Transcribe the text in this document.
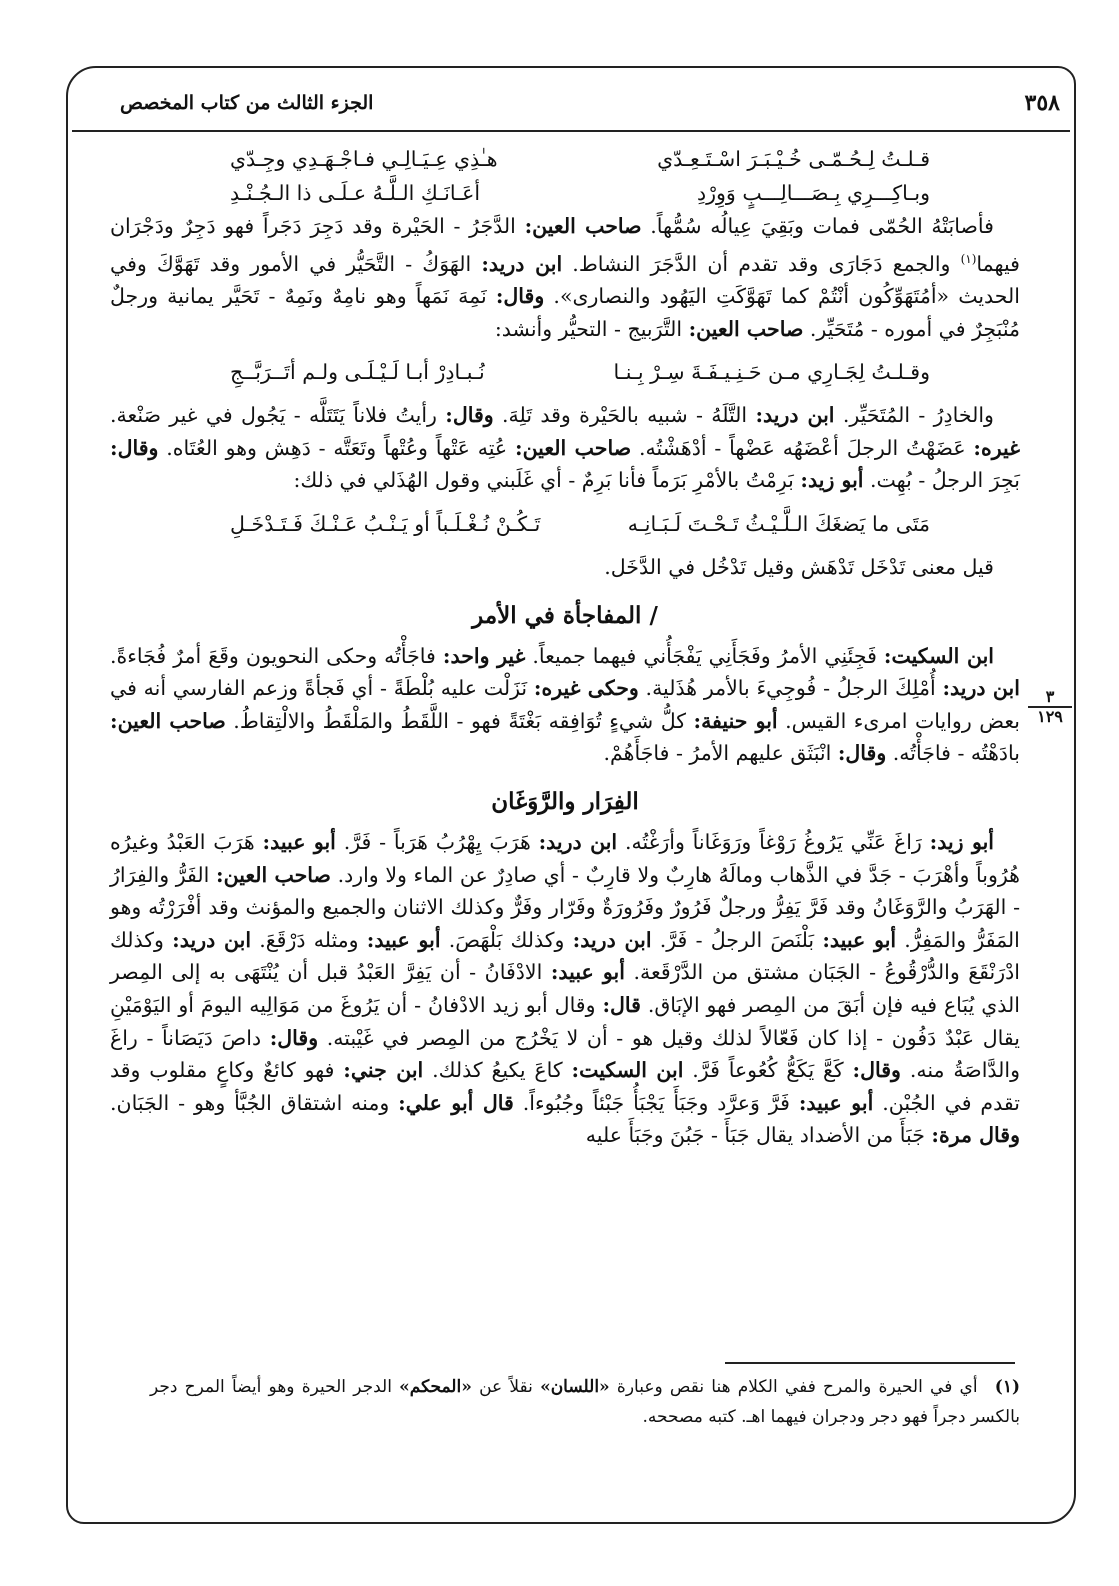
الجزء الثالث من كتاب المخصص	٣٥٨
٣
١٢٩
قـلـتُ لِـحُـمّـى خُـيْـبَـرَ اسْـتَـعِـدّي
هـٰذِي عِـيَـالِـي فـاجْـهَـدِي وجِـدّي
وبـاكِـــرِي بِـصَـــالِـــبٍ وَوِرْدِ
أعَـانَـكِ الـلَّـهُ عـلَـى ذا الـجُـنْـدِ

فأصابَتْهُ الحُمّى فمات وبَقِيَ عِيالُه سُمُّهاً. صاحب العين: الدَّجَرُ - الحَيْرة وقد دَجِرَ دَجَراً فهو دَجِرٌ ودَجْرَان فيهما$^{(١)}$ والجمع دَجَارَى وقد تقدم أن الدَّجَرَ النشاط. ابن دريد: الهَوَكُ - التَّحَيُّر في الأمور وقد تَهَوَّكَ وفي الحديث «أمُتَهَوِّكُون أنْتُمْ كما تَهَوَّكَتِ اليَهُود والنصارى». وقال: نَمِهَ نَمَهاً وهو نامِهٌ ونَمِهٌ - تَحَيَّر يمانية ورجلٌ مُنْبَجِرٌ في أموره - مُتَحَيِّر. صاحب العين: التَّرَبيج - التحيُّر وأنشد:

وقـلـتُ لِجَـارِي مـن حَـنِـيـفَـةَ سِـرْ بِـنـا
نُـبـادِرْ أبـا لَـيْـلَـى ولـم أتَــرَبَّــجِ

والخادِرُ - المُتَحَيِّر. ابن دريد: التَّلَهُ - شبيه بالحَيْرة وقد تَلِهَ. وقال: رأيتُ فلاناً يَتَتَلَّه - يَجُول في غير صَنْعة. غيره: عَضَهْتُ الرجلَ أعْضَهُه عَضْهاً - أدْهَشْتُه. صاحب العين: عُتِه عَتْهاً وعُتْهاً وتَعَتَّه - دَهِش وهو العُتَاه. وقال: بَجِرَ الرجلُ - بُهِت. أبو زيد: بَرِمْتُ بالأمْرِ بَرَماً فأنا بَرِمٌ - أي غَلَبني وقول الهُذَلي في ذلك:

مَتَى ما يَضغَكَ الـلَّـيْـثُ تَـحْـتَ لَـبَـانِـه
تَـكُـنْ نُـغْـلَـباً أو يَـنْـبُ عَـنْـكَ فَـتَـدْخَـلِ

قيل معنى تَدْخَل تَدْهَش وقيل تَدْخُل في الدَّخَل.

/ المفاجأة في الأمر

ابن السكيت: فَجِئَنِي الأمرُ وفَجَأَنِي يَفْجَأُني فيهما جميعاً. غير واحد: فاجَأْتُه وحكى النحويون وقَعَ أمرٌ فُجَاءةً. ابن دريد: أُمْلِكَ الرجلُ - فُوجِيءَ بالأمر هُذَلية. وحكى غيره: نَزَلْت عليه بُلْطَةً - أي فَجأةً وزعم الفارسي أنه في بعض روايات امرىء القيس. أبو حنيفة: كلُّ شيءٍ تُوَافِقه بَغْتَةً فهو - اللَّقَطُ والمَلْقَطُ والالْتِقاطُ. صاحب العين: بادَهْتُه - فاجَأْتُه. وقال: انْبَثَق عليهم الأمرُ - فاجَأَهُمْ.

الفِرَار والرَّوَغَان

أبو زيد: رَاغَ عَنِّي يَرُوغُ رَوْغاً ورَوَغَاناً وأرَغْتُه. ابن دريد: هَرَبَ يِهْرُبُ هَرَباً - فَرَّ. أبو عبيد: هَرَبَ العَبْدُ وغيرُه هُرُوباً وأهْرَبَ - جَدَّ في الذَّهاب ومالَهُ هارِبٌ ولا قارِبٌ - أي صادِرٌ عن الماء ولا وارد. صاحب العين: الفَرُّ والفِرَارُ - الهَرَبُ والرَّوَغَانُ وقد فَرَّ يَفِرُّ ورجلٌ فَرُورٌ وفَرُورَةٌ وفَرّار وفَرٌّ وكذلك الاثنان والجميع والمؤنث وقد أفْرَرْتُه وهو المَفَرُّ والمَفِرُّ. أبو عبيد: بَلْنَصَ الرجلُ - فَرَّ. ابن دريد: وكذلك بَلْهَصَ. أبو عبيد: ومثله دَرْقَعَ. ابن دريد: وكذلك ادْرَنْقَعَ والدُّرْقُوعُ - الجَبَان مشتق من الدَّرْقَعة. أبو عبيد: الادْفَانُ - أن يَفِرَّ العَبْدُ قبل أن يُنْتَهَى به إلى المِصر الذي يُبَاع فيه فإن أبَقَ من المِصر فهو الإبَاق. قال: وقال أبو زيد الادْفانُ - أن يَرُوغَ من مَوَالِيه اليومَ أو اليَوْمَيْنِ يقال عَبْدٌ دَفُون - إذا كان فَعّالاً لذلك وقيل هو - أن لا يَخْرُج من المِصر في غَيْبته. وقال: داصَ دَيَصَاناً - راغَ والدَّاصَةُ منه. وقال: كَعَّ يَكَعُّ كُعُوعاً فَرَّ. ابن السكيت: كاعَ يكيعُ كذلك. ابن جني: فهو كائعٌ وكاعٍ مقلوب وقد تقدم في الجُبْن. أبو عبيد: فَرَّ وَعرَّد وجَبَأَ يَجْبَأُ جَبْئاً وجُبُوءاً. قال أبو علي: ومنه اشتقاق الجُبَّأ وهو - الجَبَان. وقال مرة: جَبَأَ من الأضداد يقال جَبَأَ - جَبُنَ وجَبَأَ عليه

(١) أي في الحيرة والمرح ففي الكلام هنا نقص وعبارة «اللسان» نقلاً عن «المحكم» الدجر الحيرة وهو أيضاً المرح دجر بالكسر دجراً فهو دجر ودجران فيهما اهـ. كتبه مصححه.
